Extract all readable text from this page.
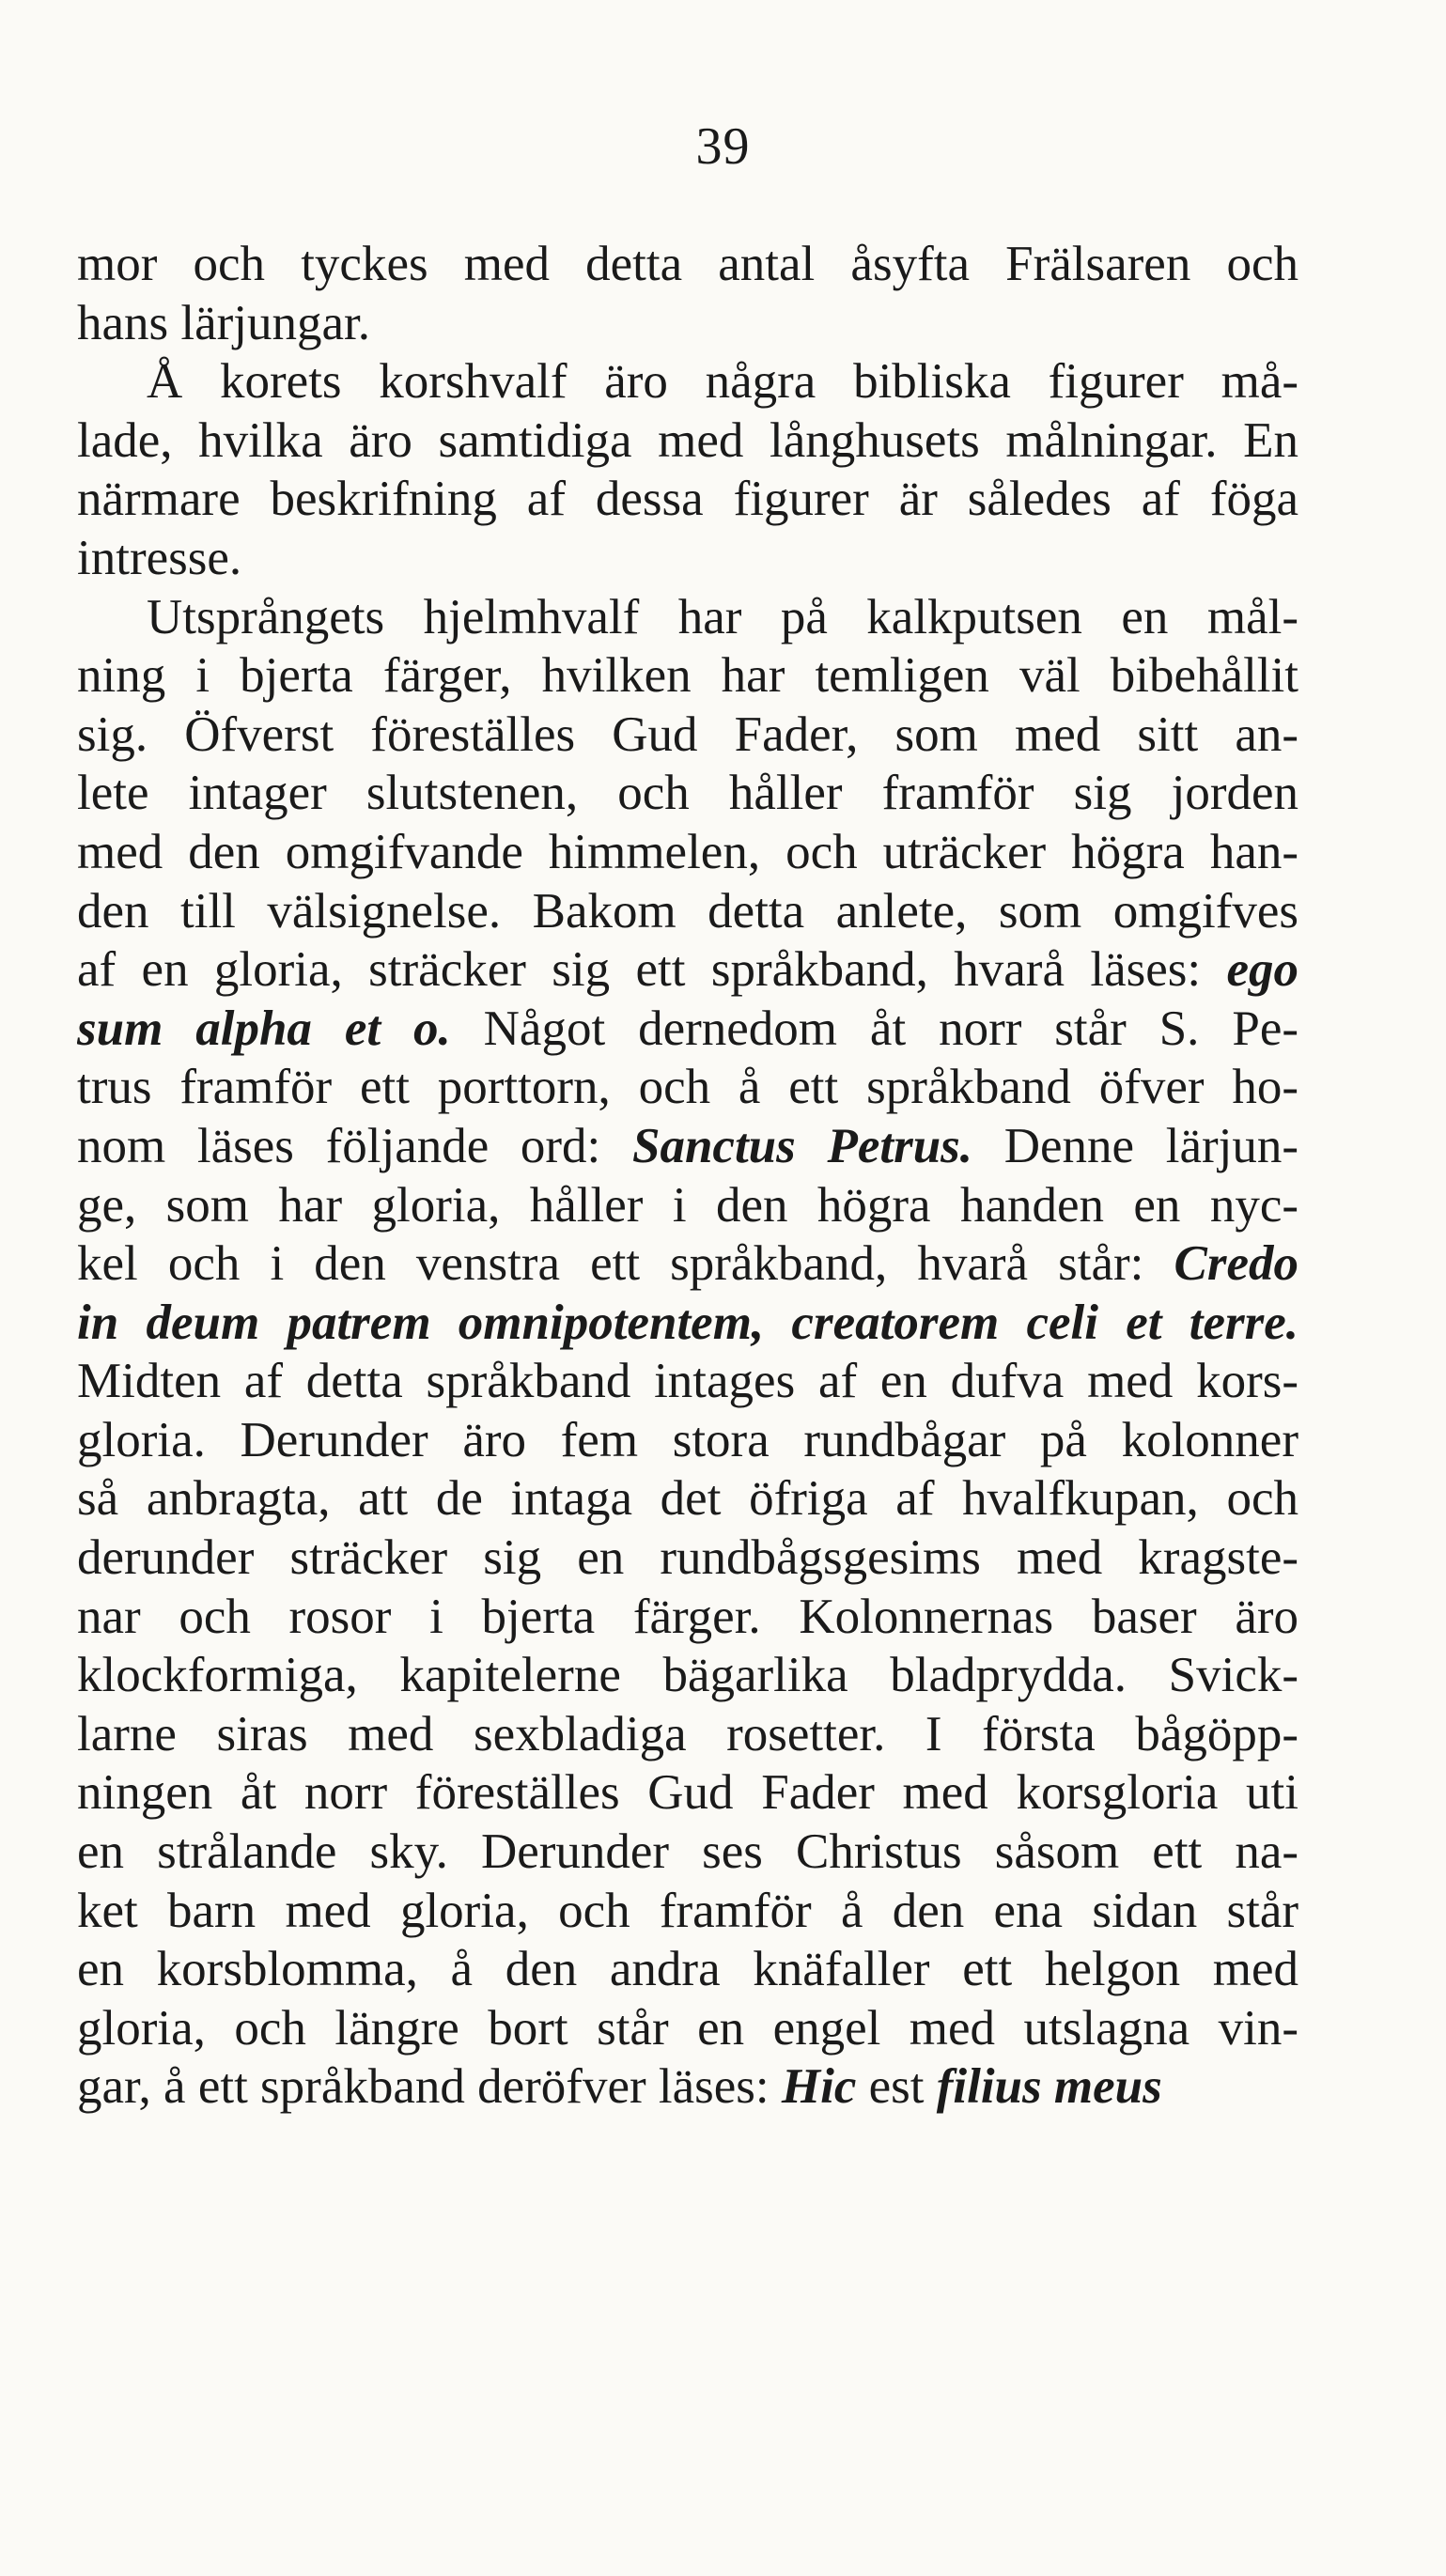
39
mor och tyckes med detta antal åsyfta Frälsaren och
hans lärjungar.
Å korets korshvalf äro några bibliska figurer må-
lade, hvilka äro samtidiga med långhusets målningar. En
närmare beskrifning af dessa figurer är således af föga
intresse.
Utsprångets hjelmhvalf har på kalkputsen en mål-
ning i bjerta färger, hvilken har temligen väl bibehållit
sig. Öfverst föreställes Gud Fader, som med sitt an-
lete intager slutstenen, och håller framför sig jorden
med den omgifvande himmelen, och uträcker högra han-
den till välsignelse. Bakom detta anlete, som omgifves
af en gloria, sträcker sig ett språkband, hvarå läses: ego
sum alpha et o. Något dernedom åt norr står S. Pe-
trus framför ett porttorn, och å ett språkband öfver ho-
nom läses följande ord: Sanctus Petrus. Denne lärjun-
ge, som har gloria, håller i den högra handen en nyc-
kel och i den venstra ett språkband, hvarå står: Credo
in deum patrem omnipotentem, creatorem celi et terre.
Midten af detta språkband intages af en dufva med kors-
gloria. Derunder äro fem stora rundbågar på kolonner
så anbragta, att de intaga det öfriga af hvalfkupan, och
derunder sträcker sig en rundbågsgesims med kragste-
nar och rosor i bjerta färger. Kolonnernas baser äro
klockformiga, kapitelerne bägarlika bladprydda. Svick-
larne siras med sexbladiga rosetter. I första bågöpp-
ningen åt norr föreställes Gud Fader med korsgloria uti
en strålande sky. Derunder ses Christus såsom ett na-
ket barn med gloria, och framför å den ena sidan står
en korsblomma, å den andra knäfaller ett helgon med
gloria, och längre bort står en engel med utslagna vin-
gar, å ett språkband deröfver läses: Hic est filius meus
